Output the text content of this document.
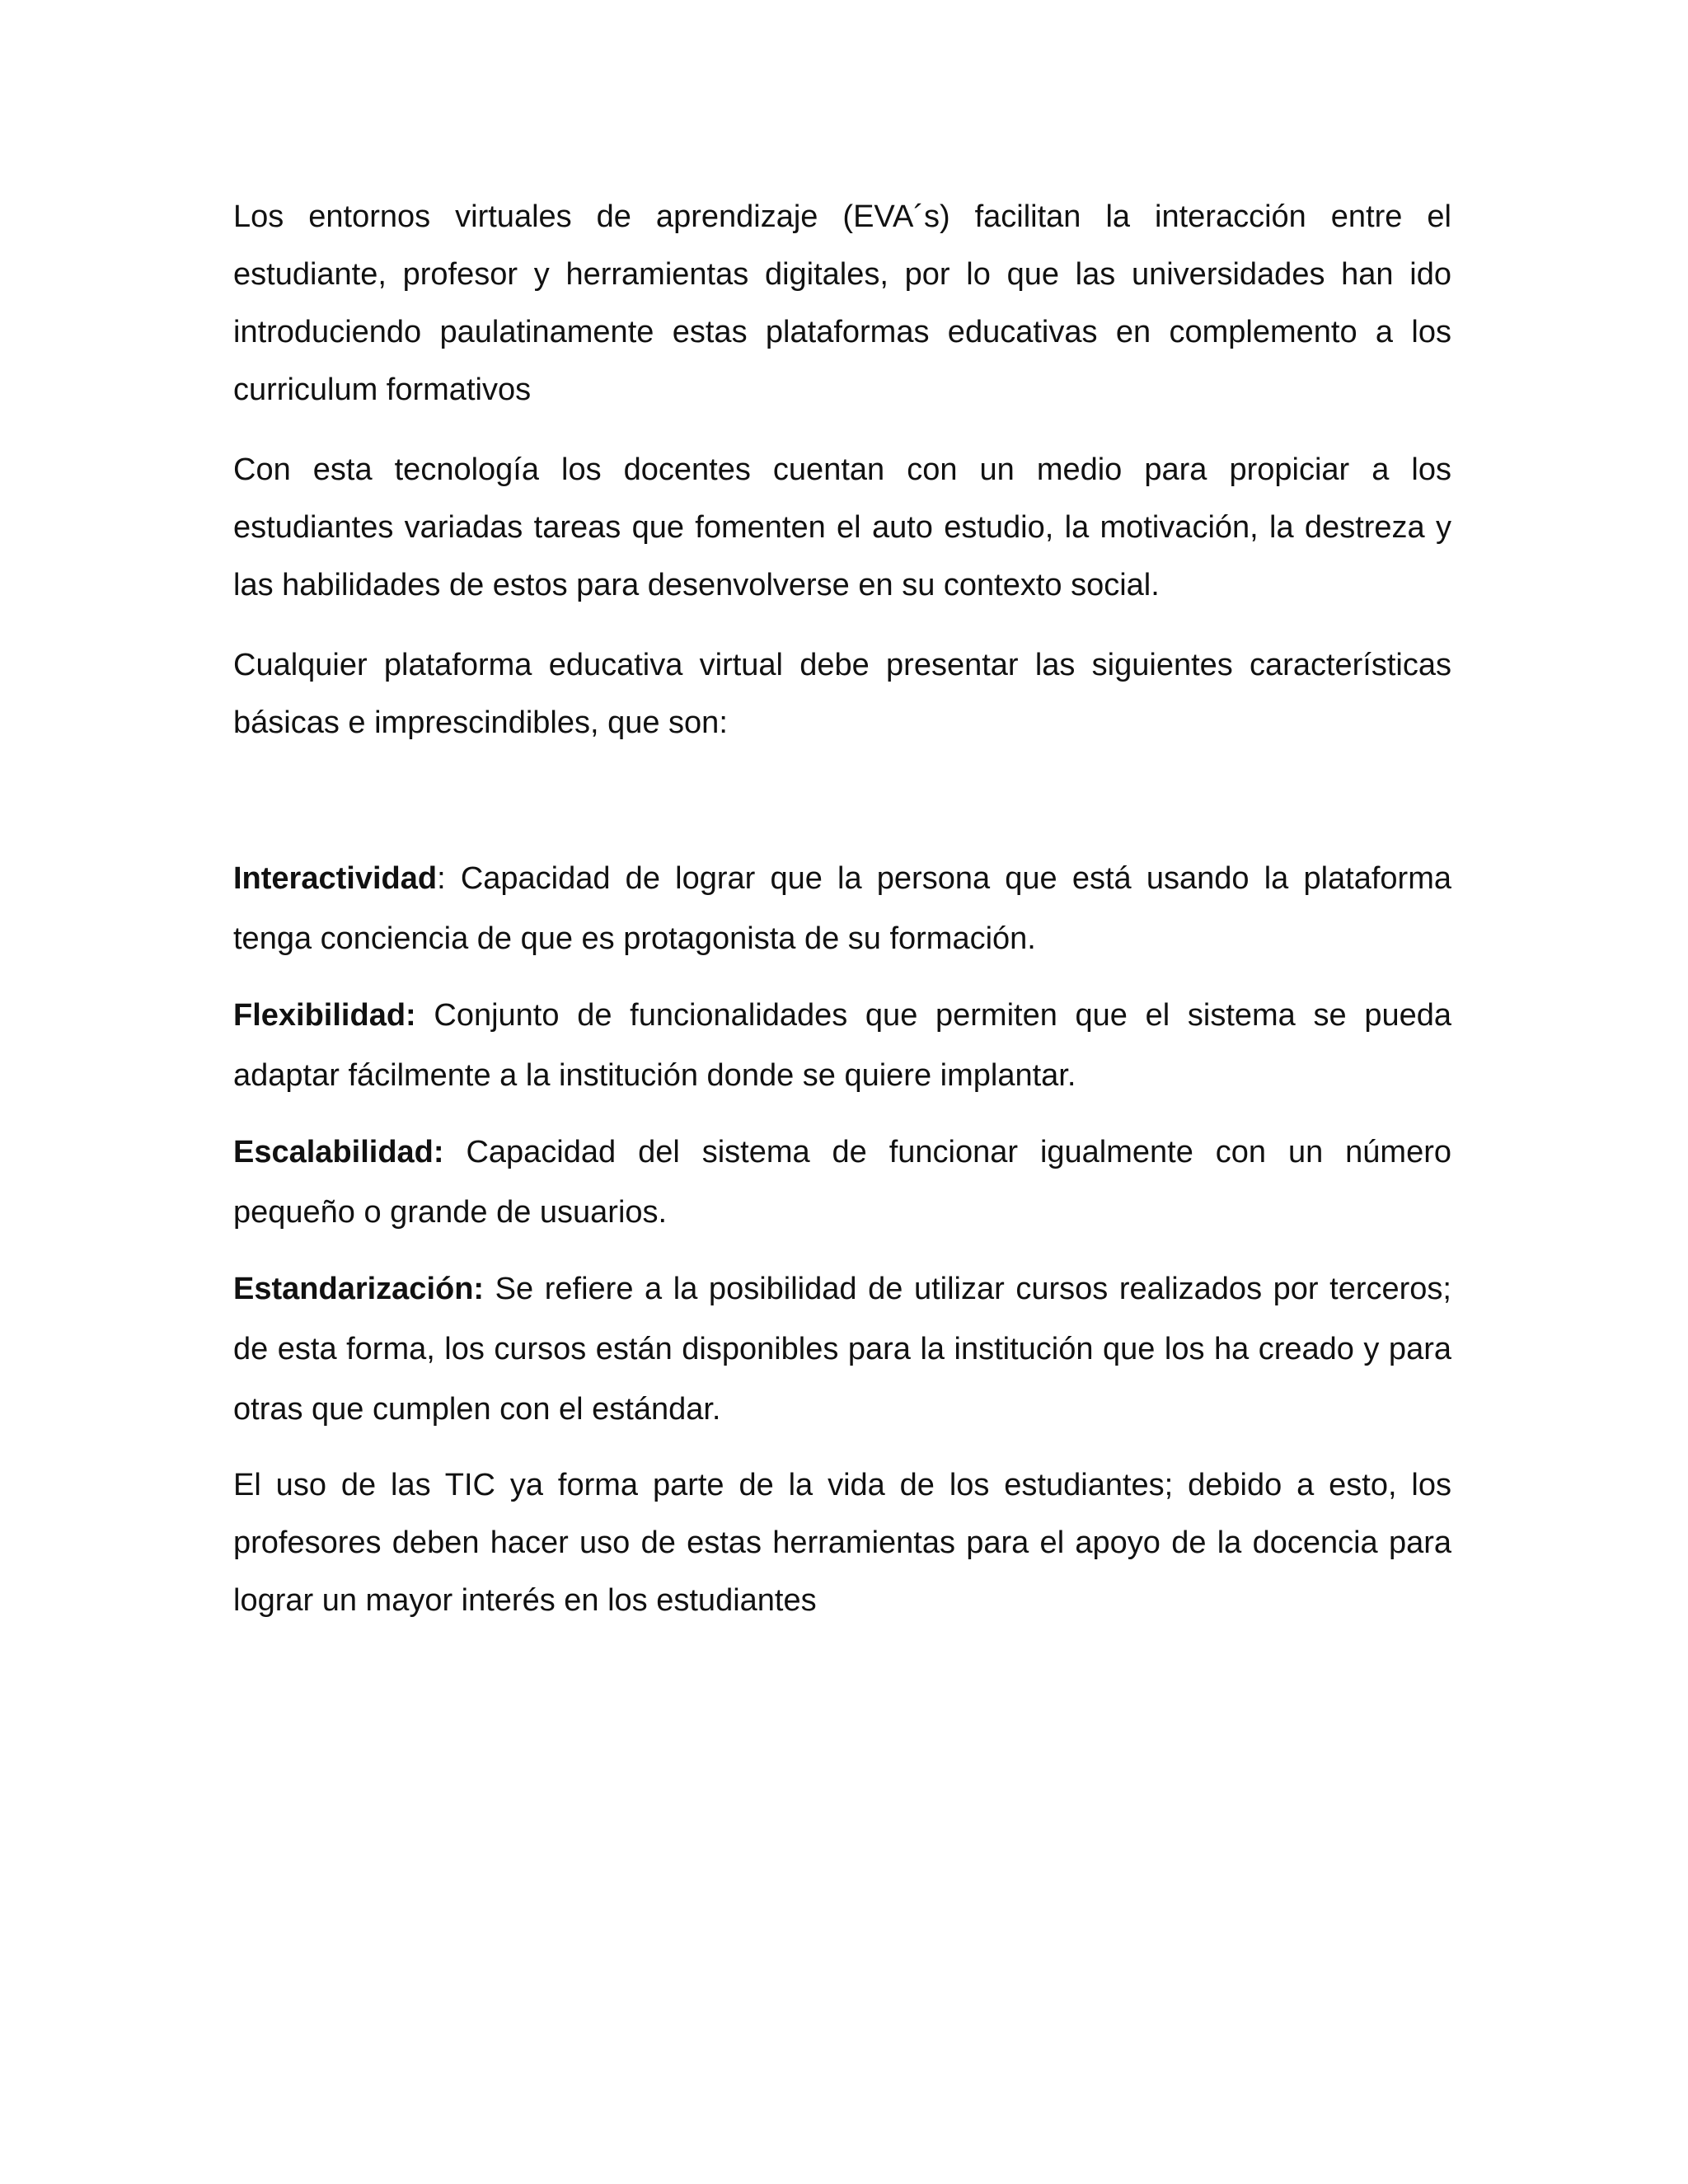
Los entornos virtuales de aprendizaje (EVA´s) facilitan la interacción entre el estudiante, profesor y herramientas digitales, por lo que las universidades han ido introduciendo paulatinamente estas plataformas educativas en complemento a los curriculum formativos

Con esta tecnología los docentes cuentan con un medio para propiciar a los estudiantes variadas tareas que fomenten el auto estudio, la motivación, la destreza y las habilidades de estos para desenvolverse en su contexto social.

Cualquier plataforma educativa virtual debe presentar las siguientes características básicas e imprescindibles, que son:

Interactividad: Capacidad de lograr que la persona que está usando la plataforma tenga conciencia de que es protagonista de su formación.

Flexibilidad: Conjunto de funcionalidades que permiten que el sistema se pueda adaptar fácilmente a la institución donde se quiere implantar.

Escalabilidad: Capacidad del sistema de funcionar igualmente con un número pequeño o grande de usuarios.

Estandarización: Se refiere a la posibilidad de utilizar cursos realizados por terceros; de esta forma, los cursos están disponibles para la institución que los ha creado y para otras que cumplen con el estándar.

El uso de las TIC ya forma parte de la vida de los estudiantes; debido a esto, los profesores deben hacer uso de estas herramientas para el apoyo de la docencia para lograr un mayor interés en los estudiantes
